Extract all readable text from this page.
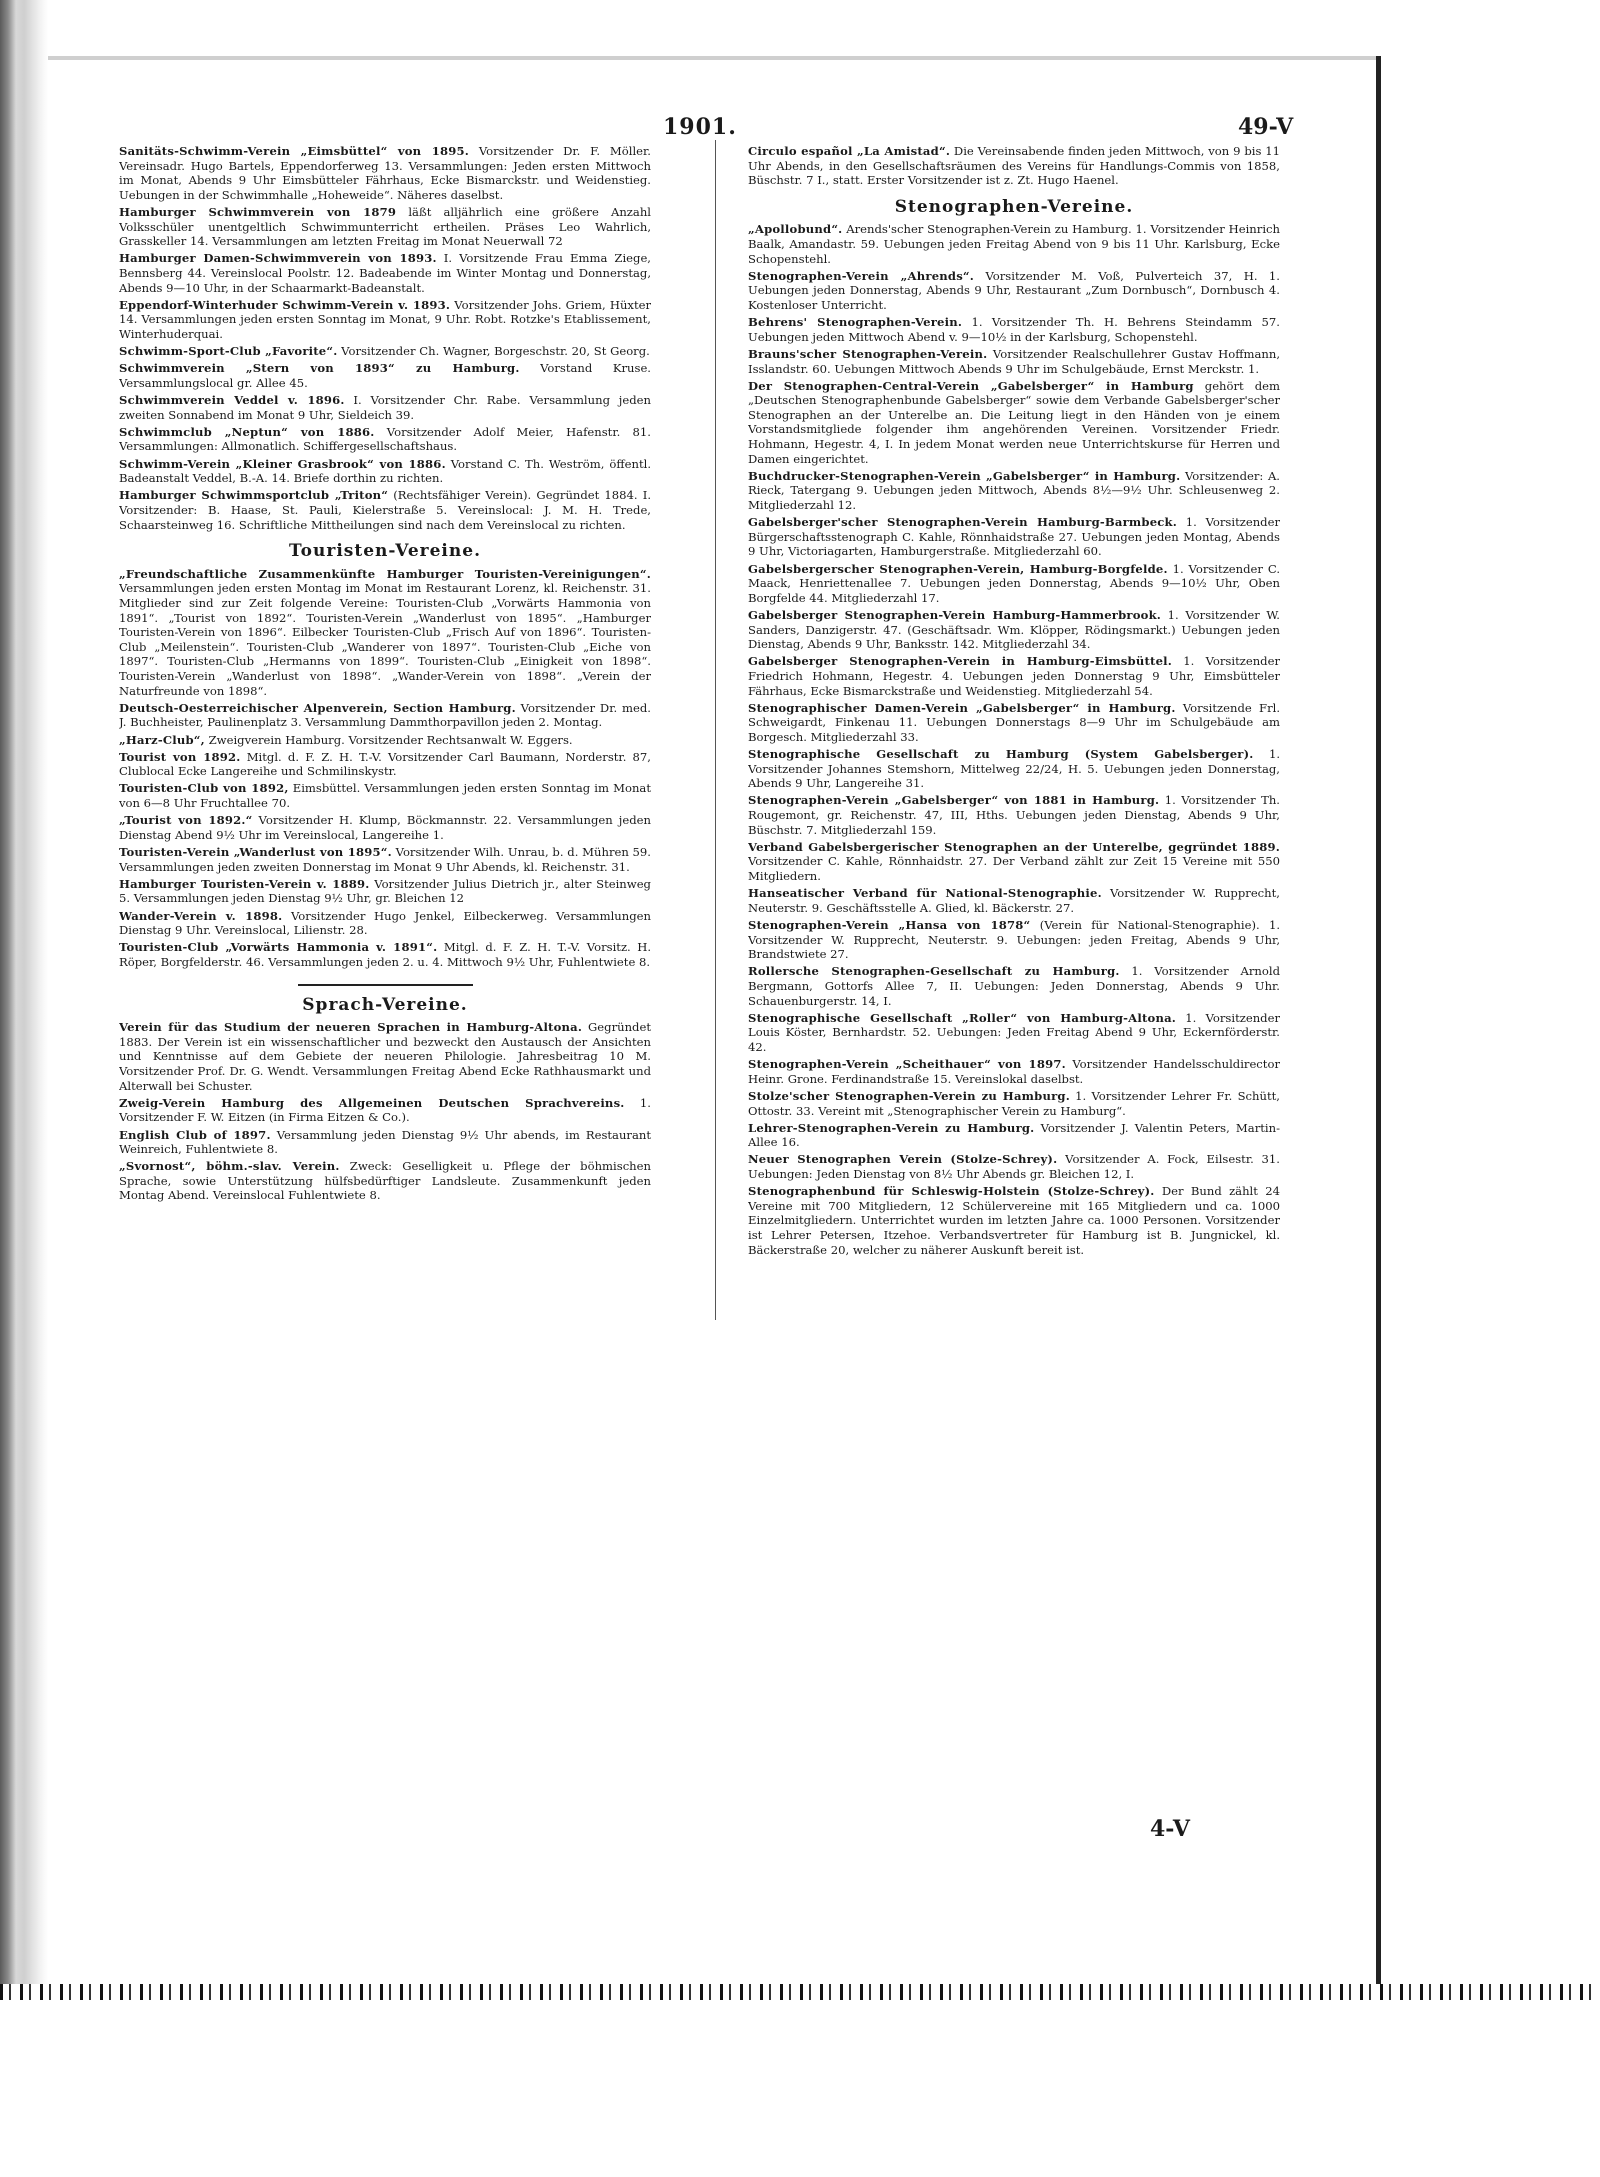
1901.	49-V

Sanitäts-Schwimm-Verein „Eimsbüttel“ von 1895. Vorsitzender Dr. F. Möller. Vereinsadr. Hugo Bartels, Eppendorferweg 13. Versammlungen: Jeden ersten Mittwoch im Monat, Abends 9 Uhr Eimsbütteler Fährhaus, Ecke Bismarckstr. und Weidenstieg. Uebungen in der Schwimmhalle „Hoheweide“. Näheres daselbst.

Hamburger Schwimmverein von 1879 läßt alljährlich eine größere Anzahl Volksschüler unentgeltlich Schwimmunterricht ertheilen. Präses Leo Wahrlich, Grasskeller 14. Versammlungen am letzten Freitag im Monat Neuerwall 72

Hamburger Damen-Schwimmverein von 1893. I. Vorsitzende Frau Emma Ziege, Bennsberg 44. Vereinslocal Poolstr. 12. Badeabende im Winter Montag und Donnerstag, Abends 9—10 Uhr, in der Schaarmarkt-Badeanstalt.

Eppendorf-Winterhuder Schwimm-Verein v. 1893. Vorsitzender Johs. Griem, Hüxter 14. Versammlungen jeden ersten Sonntag im Monat, 9 Uhr. Robt. Rotzke's Etablissement, Winterhuderquai.

Schwimm-Sport-Club „Favorite“. Vorsitzender Ch. Wagner, Borgeschstr. 20, St Georg.

Schwimmverein „Stern von 1893“ zu Hamburg. Vorstand Kruse. Versammlungslocal gr. Allee 45.

Schwimmverein Veddel v. 1896. I. Vorsitzender Chr. Rabe. Versammlung jeden zweiten Sonnabend im Monat 9 Uhr, Sieldeich 39.

Schwimmclub „Neptun“ von 1886. Vorsitzender Adolf Meier, Hafenstr. 81. Versammlungen: Allmonatlich. Schiffergesellschaftshaus.

Schwimm-Verein „Kleiner Grasbrook“ von 1886. Vorstand C. Th. Weström, öffentl. Badeanstalt Veddel, B.-A. 14. Briefe dorthin zu richten.

Hamburger Schwimmsportclub „Triton“ (Rechtsfähiger Verein). Gegründet 1884. I. Vorsitzender: B. Haase, St. Pauli, Kielerstraße 5. Vereinslocal: J. M. H. Trede, Schaarsteinweg 16. Schriftliche Mittheilungen sind nach dem Vereinslocal zu richten.

Touristen-Vereine.

„Freundschaftliche Zusammenkünfte Hamburger Touristen-Vereinigungen“. Versammlungen jeden ersten Montag im Monat im Restaurant Lorenz, kl. Reichenstr. 31. Mitglieder sind zur Zeit folgende Vereine: Touristen-Club „Vorwärts Hammonia von 1891“. „Tourist von 1892“. Touristen-Verein „Wanderlust von 1895“. „Hamburger Touristen-Verein von 1896“. Eilbecker Touristen-Club „Frisch Auf von 1896“. Touristen-Club „Meilenstein“. Touristen-Club „Wanderer von 1897“. Touristen-Club „Eiche von 1897“. Touristen-Club „Hermanns von 1899“. Touristen-Club „Einigkeit von 1898“. Touristen-Verein „Wanderlust von 1898“. „Wander-Verein von 1898“. „Verein der Naturfreunde von 1898“.

Deutsch-Oesterreichischer Alpenverein, Section Hamburg. Vorsitzender Dr. med. J. Buchheister, Paulinenplatz 3. Versammlung Dammthorpavillon jeden 2. Montag.

„Harz-Club“, Zweigverein Hamburg. Vorsitzender Rechtsanwalt W. Eggers.

Tourist von 1892. Mitgl. d. F. Z. H. T.-V. Vorsitzender Carl Baumann, Norderstr. 87, Clublocal Ecke Langereihe und Schmilinskystr.

Touristen-Club von 1892, Eimsbüttel. Versammlungen jeden ersten Sonntag im Monat von 6—8 Uhr Fruchtallee 70.

„Tourist von 1892.“ Vorsitzender H. Klump, Böckmannstr. 22. Versammlungen jeden Dienstag Abend 9½ Uhr im Vereinslocal, Langereihe 1.

Touristen-Verein „Wanderlust von 1895“. Vorsitzender Wilh. Unrau, b. d. Mühren 59. Versammlungen jeden zweiten Donnerstag im Monat 9 Uhr Abends, kl. Reichenstr. 31.

Hamburger Touristen-Verein v. 1889. Vorsitzender Julius Dietrich jr., alter Steinweg 5. Versammlungen jeden Dienstag 9½ Uhr, gr. Bleichen 12

Wander-Verein v. 1898. Vorsitzender Hugo Jenkel, Eilbeckerweg. Versammlungen Dienstag 9 Uhr. Vereinslocal, Lilienstr. 28.

Touristen-Club „Vorwärts Hammonia v. 1891“. Mitgl. d. F. Z. H. T.-V. Vorsitz. H. Röper, Borgfelderstr. 46. Versammlungen jeden 2. u. 4. Mittwoch 9½ Uhr, Fuhlentwiete 8.

Sprach-Vereine.

Verein für das Studium der neueren Sprachen in Hamburg-Altona. Gegründet 1883. Der Verein ist ein wissenschaftlicher und bezweckt den Austausch der Ansichten und Kenntnisse auf dem Gebiete der neueren Philologie. Jahresbeitrag 10 M. Vorsitzender Prof. Dr. G. Wendt. Versammlungen Freitag Abend Ecke Rathhausmarkt und Alterwall bei Schuster.

Zweig-Verein Hamburg des Allgemeinen Deutschen Sprachvereins. 1. Vorsitzender F. W. Eitzen (in Firma Eitzen & Co.).

English Club of 1897. Versammlung jeden Dienstag 9½ Uhr abends, im Restaurant Weinreich, Fuhlentwiete 8.

„Svornost“, böhm.-slav. Verein. Zweck: Geselligkeit u. Pflege der böhmischen Sprache, sowie Unterstützung hülfsbedürftiger Landsleute. Zusammenkunft jeden Montag Abend. Vereinslocal Fuhlentwiete 8.

Circulo español „La Amistad“. Die Vereinsabende finden jeden Mittwoch, von 9 bis 11 Uhr Abends, in den Gesellschaftsräumen des Vereins für Handlungs-Commis von 1858, Büschstr. 7 I., statt. Erster Vorsitzender ist z. Zt. Hugo Haenel.

Stenographen-Vereine.

„Apollobund“. Arends'scher Stenographen-Verein zu Hamburg. 1. Vorsitzender Heinrich Baalk, Amandastr. 59. Uebungen jeden Freitag Abend von 9 bis 11 Uhr. Karlsburg, Ecke Schopenstehl.

Stenographen-Verein „Ahrends“. Vorsitzender M. Voß, Pulverteich 37, H. 1. Uebungen jeden Donnerstag, Abends 9 Uhr, Restaurant „Zum Dornbusch“, Dornbusch 4. Kostenloser Unterricht.

Behrens' Stenographen-Verein. 1. Vorsitzender Th. H. Behrens Steindamm 57. Uebungen jeden Mittwoch Abend v. 9—10½ in der Karlsburg, Schopenstehl.

Brauns'scher Stenographen-Verein. Vorsitzender Realschullehrer Gustav Hoffmann, Isslandstr. 60. Uebungen Mittwoch Abends 9 Uhr im Schulgebäude, Ernst Merckstr. 1.

Der Stenographen-Central-Verein „Gabelsberger“ in Hamburg gehört dem „Deutschen Stenographenbunde Gabelsberger“ sowie dem Verbande Gabelsberger'scher Stenographen an der Unterelbe an. Die Leitung liegt in den Händen von je einem Vorstandsmitgliede folgender ihm angehörenden Vereinen. Vorsitzender Friedr. Hohmann, Hegestr. 4, I. In jedem Monat werden neue Unterrichtskurse für Herren und Damen eingerichtet.

Buchdrucker-Stenographen-Verein „Gabelsberger“ in Hamburg. Vorsitzender: A. Rieck, Tatergang 9. Uebungen jeden Mittwoch, Abends 8½—9½ Uhr. Schleusenweg 2. Mitgliederzahl 12.

Gabelsberger'scher Stenographen-Verein Hamburg-Barmbeck. 1. Vorsitzender Bürgerschaftsstenograph C. Kahle, Rönnhaidstraße 27. Uebungen jeden Montag, Abends 9 Uhr, Victoriagarten, Hamburgerstraße. Mitgliederzahl 60.

Gabelsbergerscher Stenographen-Verein, Hamburg-Borgfelde. 1. Vorsitzender C. Maack, Henriettenallee 7. Uebungen jeden Donnerstag, Abends 9—10½ Uhr, Oben Borgfelde 44. Mitgliederzahl 17.

Gabelsberger Stenographen-Verein Hamburg-Hammerbrook. 1. Vorsitzender W. Sanders, Danzigerstr. 47. (Geschäftsadr. Wm. Klöpper, Rödingsmarkt.) Uebungen jeden Dienstag, Abends 9 Uhr, Banksstr. 142. Mitgliederzahl 34.

Gabelsberger Stenographen-Verein in Hamburg-Eimsbüttel. 1. Vorsitzender Friedrich Hohmann, Hegestr. 4. Uebungen jeden Donnerstag 9 Uhr, Eimsbütteler Fährhaus, Ecke Bismarckstraße und Weidenstieg. Mitgliederzahl 54.

Stenographischer Damen-Verein „Gabelsberger“ in Hamburg. Vorsitzende Frl. Schweigardt, Finkenau 11. Uebungen Donnerstags 8—9 Uhr im Schulgebäude am Borgesch. Mitgliederzahl 33.

Stenographische Gesellschaft zu Hamburg (System Gabelsberger). 1. Vorsitzender Johannes Stemshorn, Mittelweg 22/24, H. 5. Uebungen jeden Donnerstag, Abends 9 Uhr, Langereihe 31.

Stenographen-Verein „Gabelsberger“ von 1881 in Hamburg. 1. Vorsitzender Th. Rougemont, gr. Reichenstr. 47, III, Hths. Uebungen jeden Dienstag, Abends 9 Uhr, Büschstr. 7. Mitgliederzahl 159.

Verband Gabelsbergerischer Stenographen an der Unterelbe, gegründet 1889. Vorsitzender C. Kahle, Rönnhaidstr. 27. Der Verband zählt zur Zeit 15 Vereine mit 550 Mitgliedern.

Hanseatischer Verband für National-Stenographie. Vorsitzender W. Rupprecht, Neuterstr. 9. Geschäftsstelle A. Glied, kl. Bäckerstr. 27.

Stenographen-Verein „Hansa von 1878“ (Verein für National-Stenographie). 1. Vorsitzender W. Rupprecht, Neuterstr. 9. Uebungen: jeden Freitag, Abends 9 Uhr, Brandstwiete 27.

Rollersche Stenographen-Gesellschaft zu Hamburg. 1. Vorsitzender Arnold Bergmann, Gottorfs Allee 7, II. Uebungen: Jeden Donnerstag, Abends 9 Uhr. Schauenburgerstr. 14, I.

Stenographische Gesellschaft „Roller“ von Hamburg-Altona. 1. Vorsitzender Louis Köster, Bernhardstr. 52. Uebungen: Jeden Freitag Abend 9 Uhr, Eckernförderstr. 42.

Stenographen-Verein „Scheithauer“ von 1897. Vorsitzender Handelsschuldirector Heinr. Grone. Ferdinandstraße 15. Vereinslokal daselbst.

Stolze'scher Stenographen-Verein zu Hamburg. 1. Vorsitzender Lehrer Fr. Schütt, Ottostr. 33. Vereint mit „Stenographischer Verein zu Hamburg“.

Lehrer-Stenographen-Verein zu Hamburg. Vorsitzender J. Valentin Peters, Martin-Allee 16.

Neuer Stenographen Verein (Stolze-Schrey). Vorsitzender A. Fock, Eilsestr. 31. Uebungen: Jeden Dienstag von 8½ Uhr Abends gr. Bleichen 12, I.

Stenographenbund für Schleswig-Holstein (Stolze-Schrey). Der Bund zählt 24 Vereine mit 700 Mitgliedern, 12 Schülervereine mit 165 Mitgliedern und ca. 1000 Einzelmitgliedern. Unterrichtet wurden im letzten Jahre ca. 1000 Personen. Vorsitzender ist Lehrer Petersen, Itzehoe. Verbandsvertreter für Hamburg ist B. Jungnickel, kl. Bäckerstraße 20, welcher zu näherer Auskunft bereit ist.

4-V
